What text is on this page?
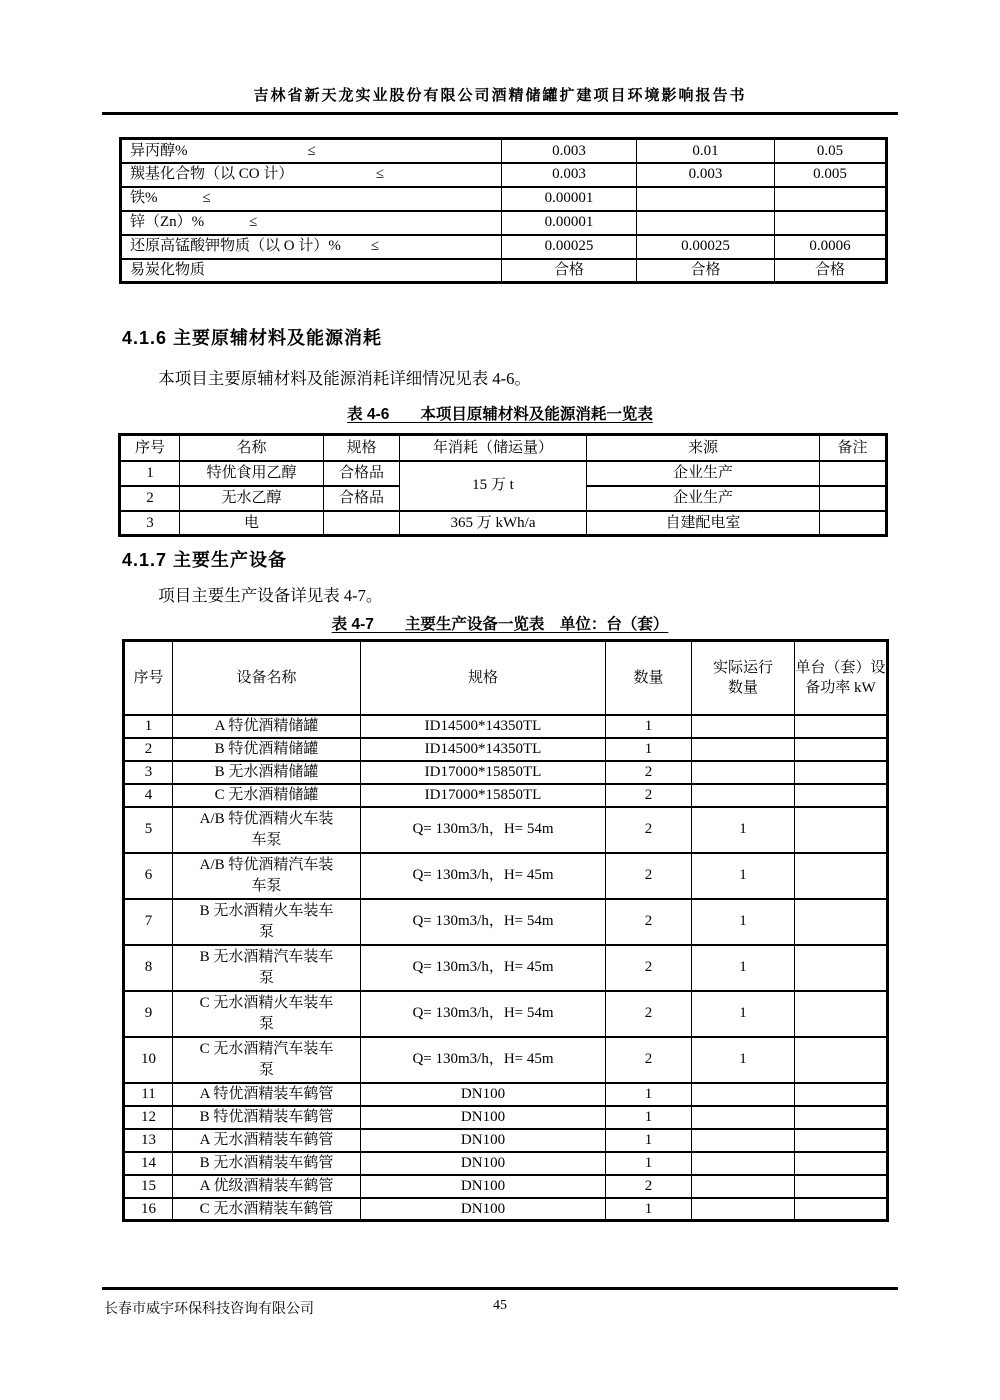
吉林省新天龙实业股份有限公司酒精储罐扩建项目环境影响报告书
异丙醇%　　　　　　　　≤	0.003	0.01	0.05
羰基化合物（以 CO 计）　　　　　　≤	0.003	0.003	0.005
铁%　　　≤	0.00001		
锌（Zn）%　　　≤	0.00001		
还原高锰酸钾物质（以 O 计）%　　≤	0.00025	0.00025	0.0006
易炭化物质	合格	合格	合格
4.1.6 主要原辅材料及能源消耗

本项目主要原辅材料及能源消耗详细情况见表 4-6。

表 4-6　　本项目原辅材料及能源消耗一览表
序号	名称	规格	年消耗（储运量）	来源	备注
1	特优食用乙醇	合格品	15 万 t	企业生产	
2	无水乙醇	合格品		企业生产	
3	电		365 万 kWh/a	自建配电室	
4.1.7 主要生产设备

项目主要生产设备详见表 4-7。

表 4-7　　主要生产设备一览表　单位：台（套）
序号	设备名称	规格	数量	实际运行数量	单台（套）设备功率 kW
1	A 特优酒精储罐	ID14500*14350TL	1		
2	B 特优酒精储罐	ID14500*14350TL	1		
3	B 无水酒精储罐	ID17000*15850TL	2		
4	C 无水酒精储罐	ID17000*15850TL	2		
5	A/B 特优酒精火车装车泵	Q= 130m3/h，H= 54m	2	1	
6	A/B 特优酒精汽车装车泵	Q= 130m3/h，H= 45m	2	1	
7	B 无水酒精火车装车泵	Q= 130m3/h，H= 54m	2	1	
8	B 无水酒精汽车装车泵	Q= 130m3/h，H= 45m	2	1	
9	C 无水酒精火车装车泵	Q= 130m3/h，H= 54m	2	1	
10	C 无水酒精汽车装车泵	Q= 130m3/h，H= 45m	2	1	
11	A 特优酒精装车鹤管	DN100	1		
12	B 特优酒精装车鹤管	DN100	1		
13	A 无水酒精装车鹤管	DN100	1		
14	B 无水酒精装车鹤管	DN100	1		
15	A 优级酒精装车鹤管	DN100	2		
16	C 无水酒精装车鹤管	DN100	1		
长春市威宇环保科技咨询有限公司	45
